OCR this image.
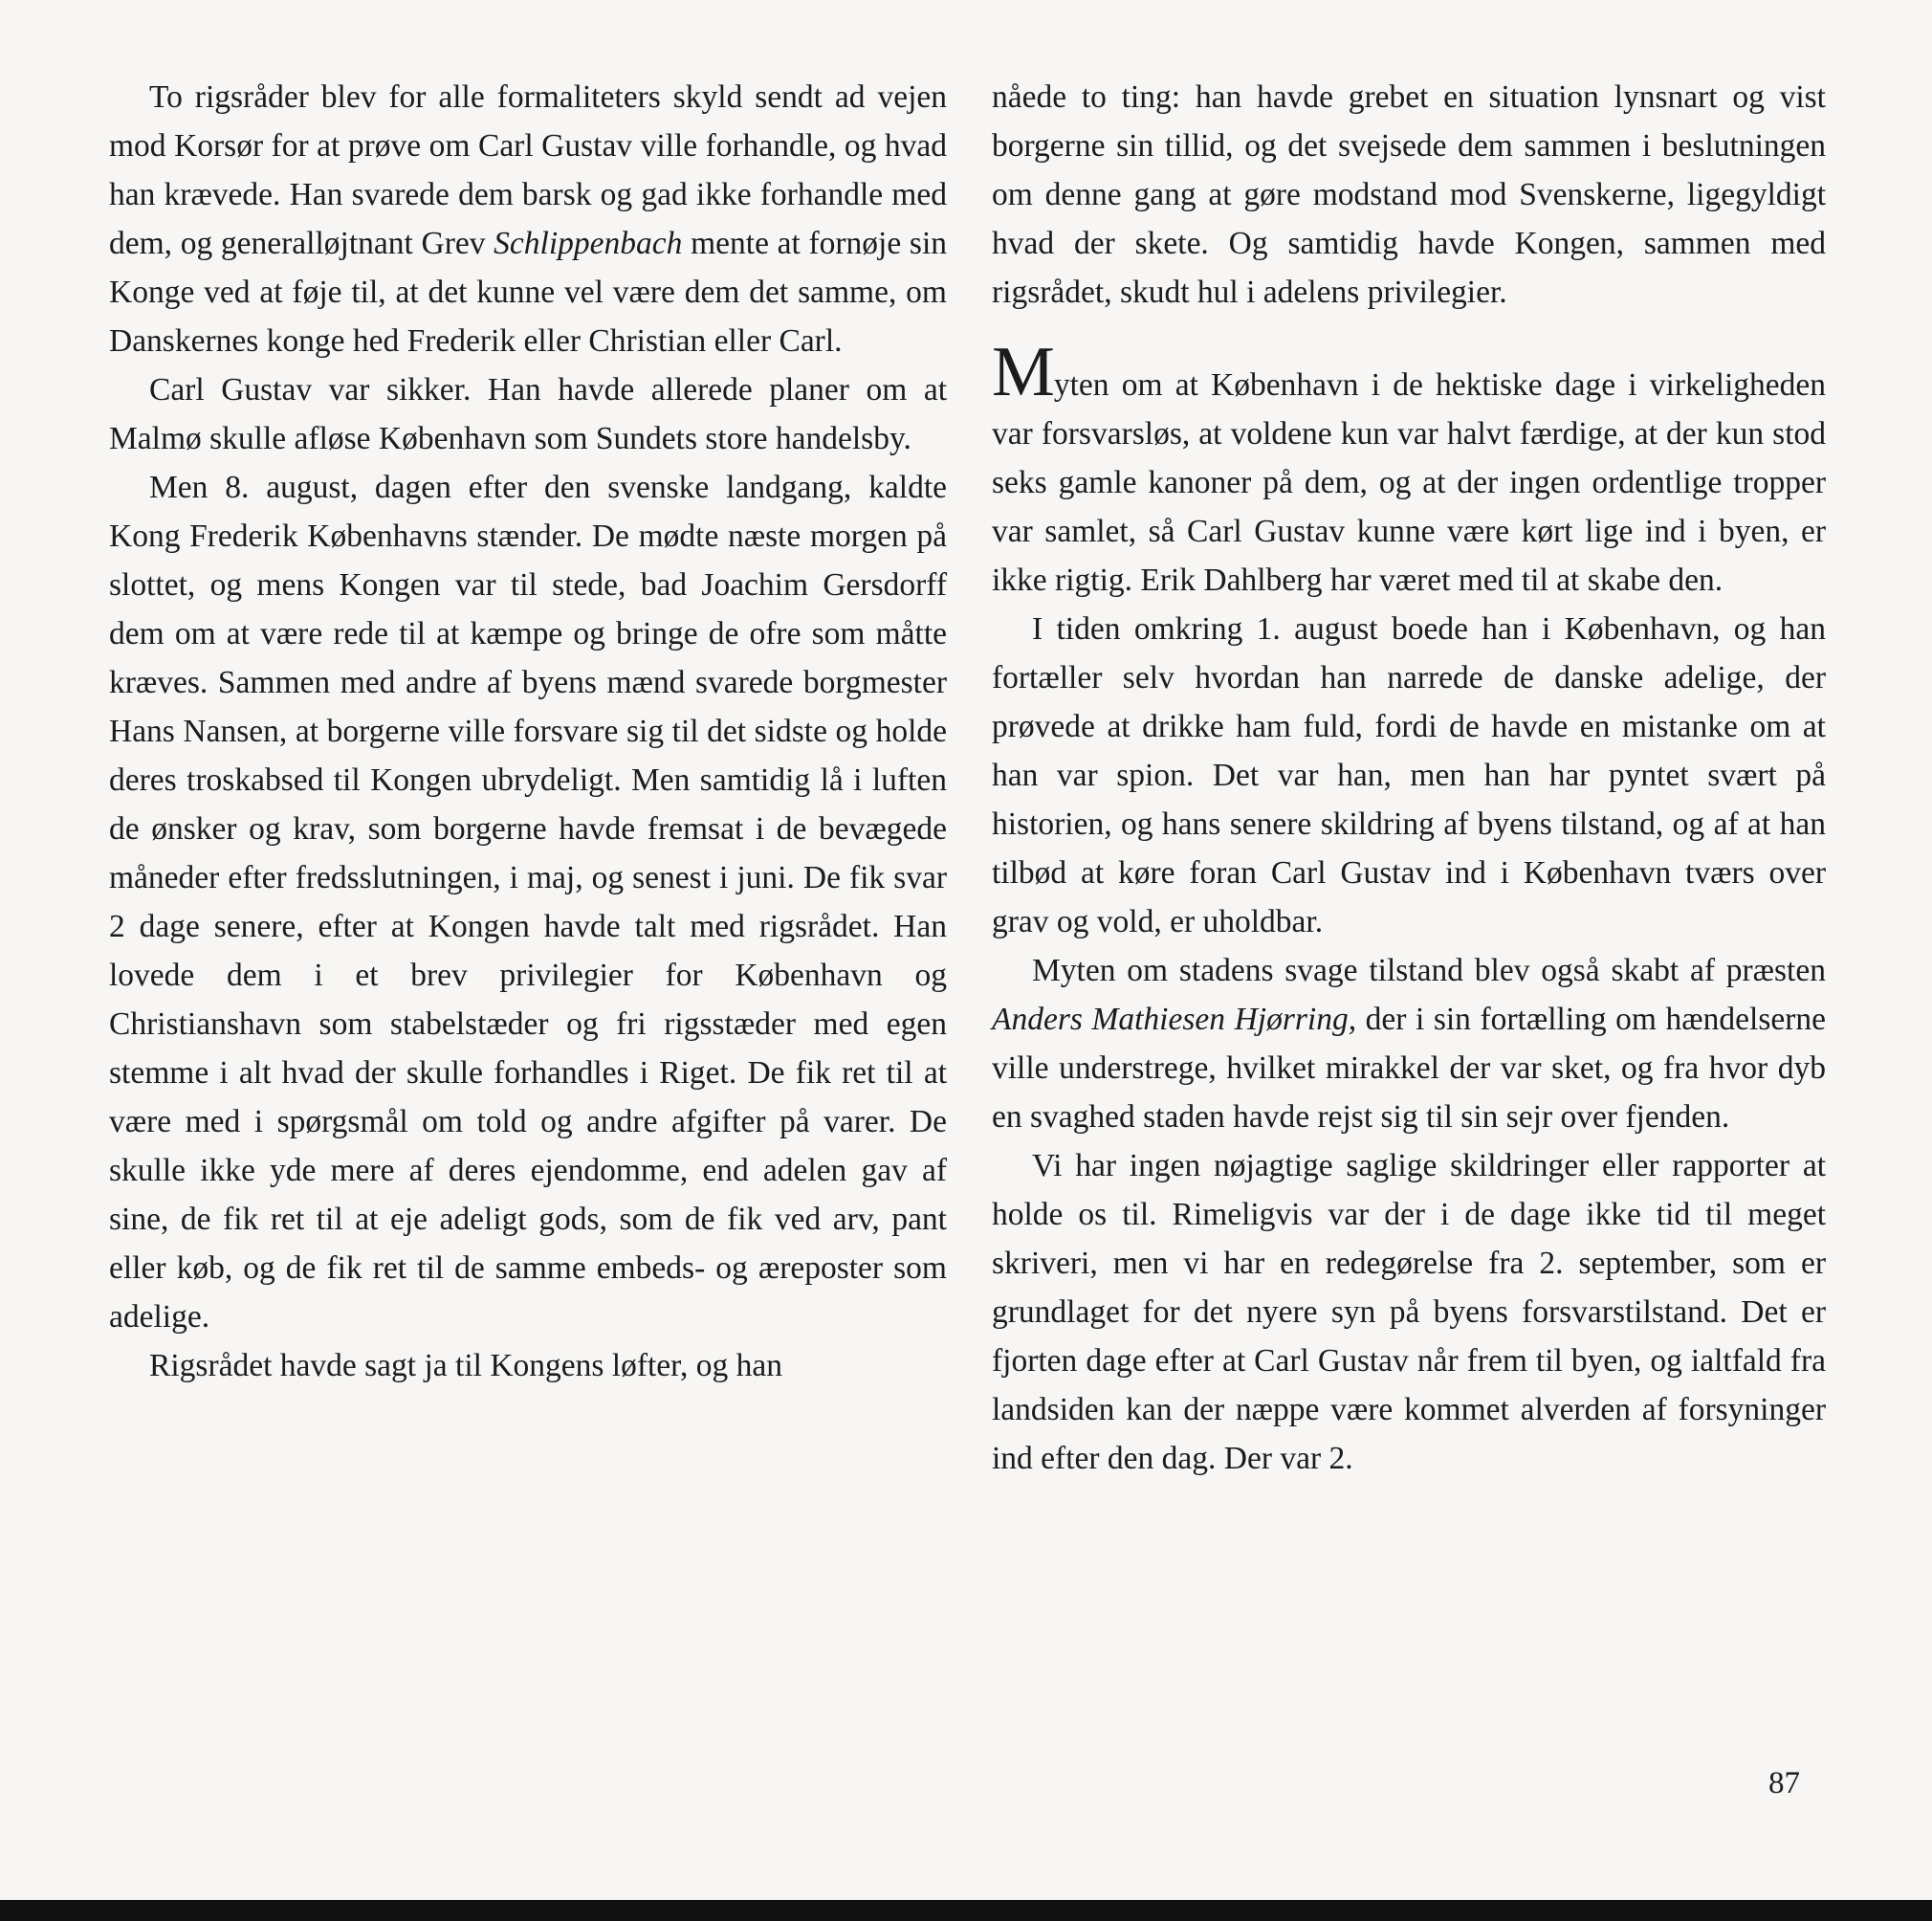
To rigsråder blev for alle formaliteters skyld sendt ad vejen mod Korsør for at prøve om Carl Gustav ville forhandle, og hvad han krævede. Han svarede dem barsk og gad ikke forhandle med dem, og generalløjtnant Grev Schlippenbach mente at fornøje sin Konge ved at føje til, at det kunne vel være dem det samme, om Danskernes konge hed Frederik eller Christian eller Carl.

Carl Gustav var sikker. Han havde allerede planer om at Malmø skulle afløse København som Sundets store handelsby.

Men 8. august, dagen efter den svenske landgang, kaldte Kong Frederik Københavns stænder. De mødte næste morgen på slottet, og mens Kongen var til stede, bad Joachim Gersdorff dem om at være rede til at kæmpe og bringe de ofre som måtte kræves. Sammen med andre af byens mænd svarede borgmester Hans Nansen, at borgerne ville forsvare sig til det sidste og holde deres troskabsed til Kongen ubrydeligt. Men samtidig lå i luften de ønsker og krav, som borgerne havde fremsat i de bevægede måneder efter fredsslutningen, i maj, og senest i juni. De fik svar 2 dage senere, efter at Kongen havde talt med rigsrådet. Han lovede dem i et brev privilegier for København og Christianshavn som stabelstæder og fri rigsstæder med egen stemme i alt hvad der skulle forhandles i Riget. De fik ret til at være med i spørgsmål om told og andre afgifter på varer. De skulle ikke yde mere af deres ejendomme, end adelen gav af sine, de fik ret til at eje adeligt gods, som de fik ved arv, pant eller køb, og de fik ret til de samme embeds- og æreposter som adelige.

Rigsrådet havde sagt ja til Kongens løfter, og han

nåede to ting: han havde grebet en situation lynsnart og vist borgerne sin tillid, og det svejsede dem sammen i beslutningen om denne gang at gøre modstand mod Svenskerne, ligegyldigt hvad der skete. Og samtidig havde Kongen, sammen med rigsrådet, skudt hul i adelens privilegier.

Myten om at København i de hektiske dage i virkeligheden var forsvarsløs, at voldene kun var halvt færdige, at der kun stod seks gamle kanoner på dem, og at der ingen ordentlige tropper var samlet, så Carl Gustav kunne være kørt lige ind i byen, er ikke rigtig. Erik Dahlberg har været med til at skabe den.

I tiden omkring 1. august boede han i København, og han fortæller selv hvordan han narrede de danske adelige, der prøvede at drikke ham fuld, fordi de havde en mistanke om at han var spion. Det var han, men han har pyntet svært på historien, og hans senere skildring af byens tilstand, og af at han tilbød at køre foran Carl Gustav ind i København tværs over grav og vold, er uholdbar.

Myten om stadens svage tilstand blev også skabt af præsten Anders Mathiesen Hjørring, der i sin fortælling om hændelserne ville understrege, hvilket mirakkel der var sket, og fra hvor dyb en svaghed staden havde rejst sig til sin sejr over fjenden.

Vi har ingen nøjagtige saglige skildringer eller rapporter at holde os til. Rimeligvis var der i de dage ikke tid til meget skriveri, men vi har en redegørelse fra 2. september, som er grundlaget for det nyere syn på byens forsvarstilstand. Det er fjorten dage efter at Carl Gustav når frem til byen, og ialtfald fra landsiden kan der næppe være kommet alverden af forsyninger ind efter den dag. Der var 2.

87
